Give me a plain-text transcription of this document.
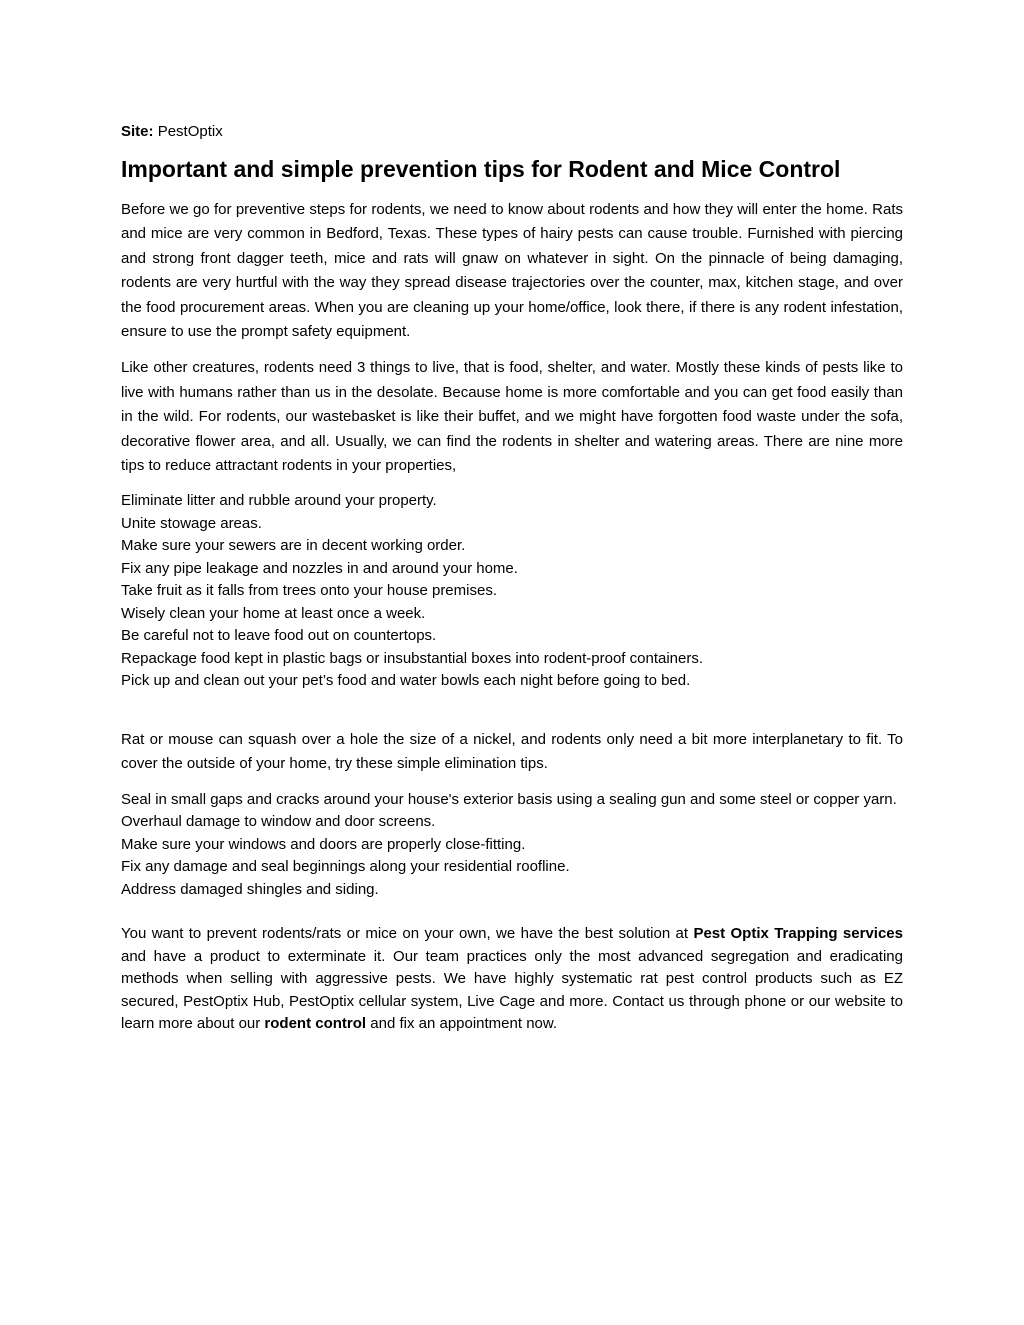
Site: PestOptix
Important and simple prevention tips for Rodent and Mice Control

Before we go for preventive steps for rodents, we need to know about rodents and how they will enter the home. Rats and mice are very common in Bedford, Texas. These types of hairy pests can cause trouble. Furnished with piercing and strong front dagger teeth, mice and rats will gnaw on whatever in sight. On the pinnacle of being damaging, rodents are very hurtful with the way they spread disease trajectories over the counter, max, kitchen stage, and over the food procurement areas. When you are cleaning up your home/office, look there, if there is any rodent infestation, ensure to use the prompt safety equipment.

Like other creatures, rodents need 3 things to live, that is food, shelter, and water. Mostly these kinds of pests like to live with humans rather than us in the desolate. Because home is more comfortable and you can get food easily than in the wild. For rodents, our wastebasket is like their buffet, and we might have forgotten food waste under the sofa, decorative flower area, and all. Usually, we can find the rodents in shelter and watering areas. There are nine more tips to reduce attractant rodents in your properties,

Eliminate litter and rubble around your property.
Unite stowage areas.
Make sure your sewers are in decent working order.
Fix any pipe leakage and nozzles in and around your home.
Take fruit as it falls from trees onto your house premises.
Wisely clean your home at least once a week.
Be careful not to leave food out on countertops.
Repackage food kept in plastic bags or insubstantial boxes into rodent-proof containers.
Pick up and clean out your pet’s food and water bowls each night before going to bed.

Rat or mouse can squash over a hole the size of a nickel, and rodents only need a bit more interplanetary to fit. To cover the outside of your home, try these simple elimination tips.

Seal in small gaps and cracks around your house's exterior basis using a sealing gun and some steel or copper yarn.
Overhaul damage to window and door screens.
Make sure your windows and doors are properly close-fitting.
Fix any damage and seal beginnings along your residential roofline.
Address damaged shingles and siding.

You want to prevent rodents/rats or mice on your own, we have the best solution at Pest Optix Trapping services and have a product to exterminate it. Our team practices only the most advanced segregation and eradicating methods when selling with aggressive pests. We have highly systematic rat pest control products such as EZ secured, PestOptix Hub, PestOptix cellular system, Live Cage and more. Contact us through phone or our website to learn more about our rodent control and fix an appointment now.
